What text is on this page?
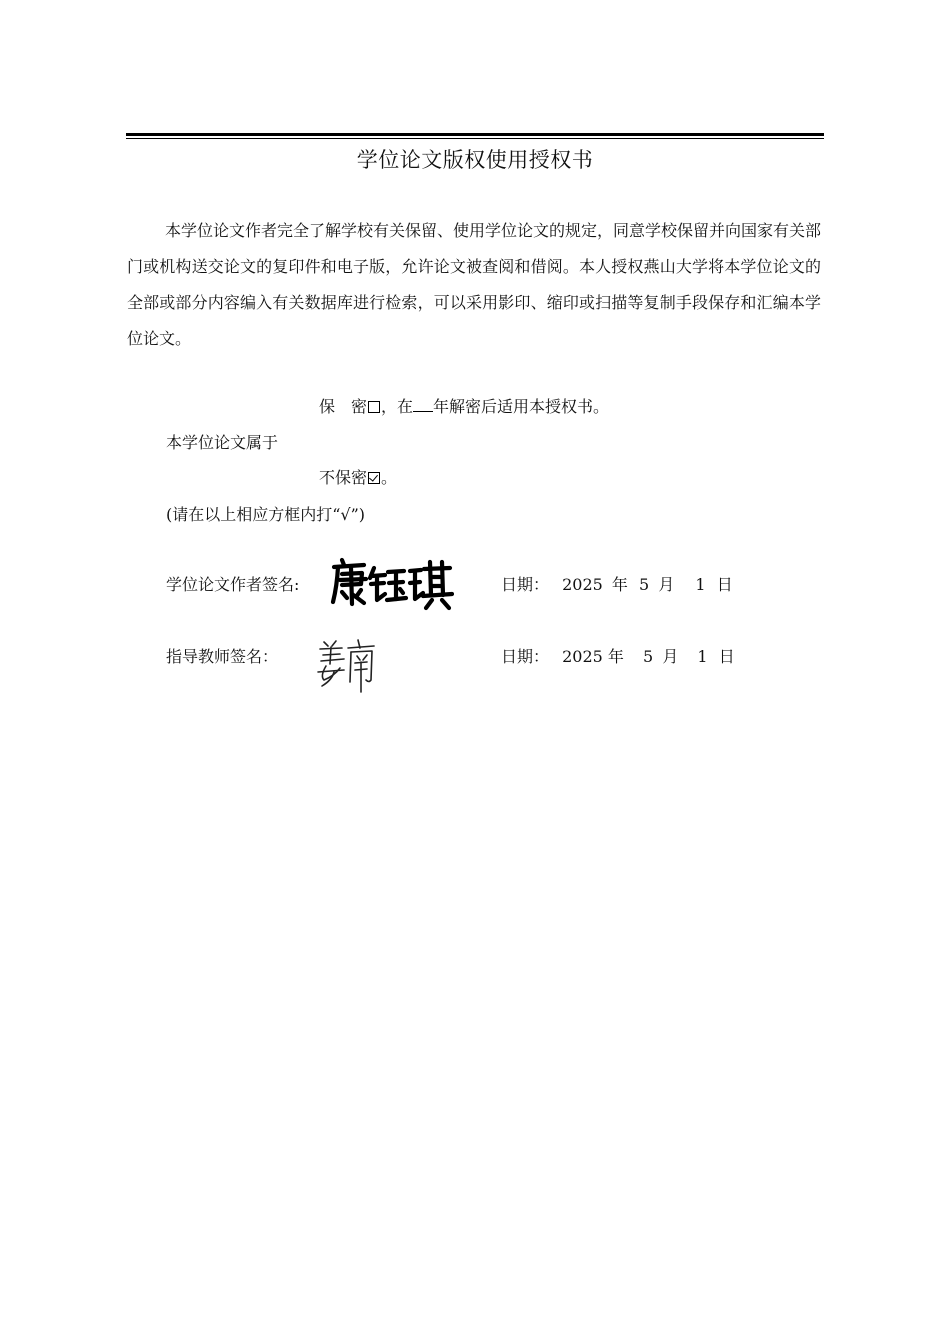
学位论文版权使用授权书
本学位论文作者完全了解学校有关保留、使用学位论文的规定，同意学校保留并向国家有关部门或机构送交论文的复印件和电子版，允许论文被查阅和借阅。本人授权燕山大学将本学位论文的全部或部分内容编入有关数据库进行检索，可以采用影印、缩印或扫描等复制手段保存和汇编本学位论文。
保　密 ，在 年解密后适用本授权书。
本学位论文属于
不保密 。
(请在以上相应方框内打“√”)
学位论文作者签名:	日期： 2025 年 5 月 1 日
指导教师签名：	日期： 2025 年 5 月 1 日
